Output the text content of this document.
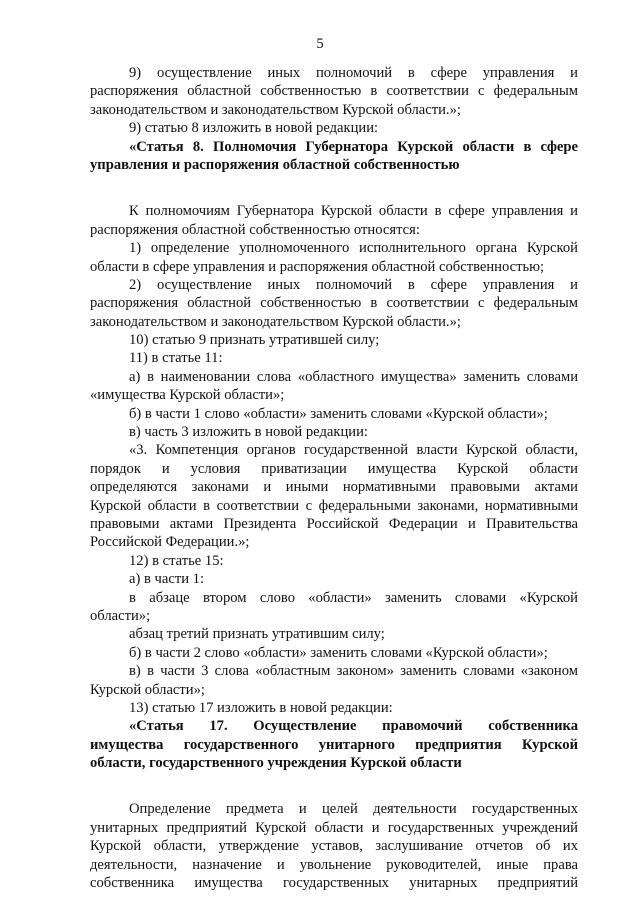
5
9) осуществление иных полномочий в сфере управления и
распоряжения областной собственностью в соответствии с федеральным
законодательством и законодательством Курской области.»;
9) статью 8 изложить в новой редакции:
«Статья 8. Полномочия Губернатора Курской области в сфере
управления и распоряжения областной собственностью
К полномочиям Губернатора Курской области в сфере управления и
распоряжения областной собственностью относятся:
1) определение уполномоченного исполнительного органа Курской
области в сфере управления и распоряжения областной собственностью;
2) осуществление иных полномочий в сфере управления и
распоряжения областной собственностью в соответствии с федеральным
законодательством и законодательством Курской области.»;
10) статью 9 признать утратившей силу;
11) в статье 11:
а) в наименовании слова «областного имущества» заменить словами
«имущества Курской области»;
б) в части 1 слово «области» заменить словами «Курской области»;
в) часть 3 изложить в новой редакции:
«3. Компетенция органов государственной власти Курской области,
порядок и условия приватизации имущества Курской области
определяются законами и иными нормативными правовыми актами
Курской области в соответствии с федеральными законами, нормативными
правовыми актами Президента Российской Федерации и Правительства
Российской Федерации.»;
12) в статье 15:
а) в части 1:
в абзаце втором слово «области» заменить словами «Курской
области»;
абзац третий признать утратившим силу;
б) в части 2 слово «области» заменить словами «Курской области»;
в) в части 3 слова «областным законом» заменить словами «законом
Курской области»;
13) статью 17 изложить в новой редакции:
«Статья 17. Осуществление правомочий собственника
имущества государственного унитарного предприятия Курской
области, государственного учреждения Курской области
Определение предмета и целей деятельности государственных
унитарных предприятий Курской области и государственных учреждений
Курской области, утверждение уставов, заслушивание отчетов об их
деятельности, назначение и увольнение руководителей, иные права
собственника имущества государственных унитарных предприятий
